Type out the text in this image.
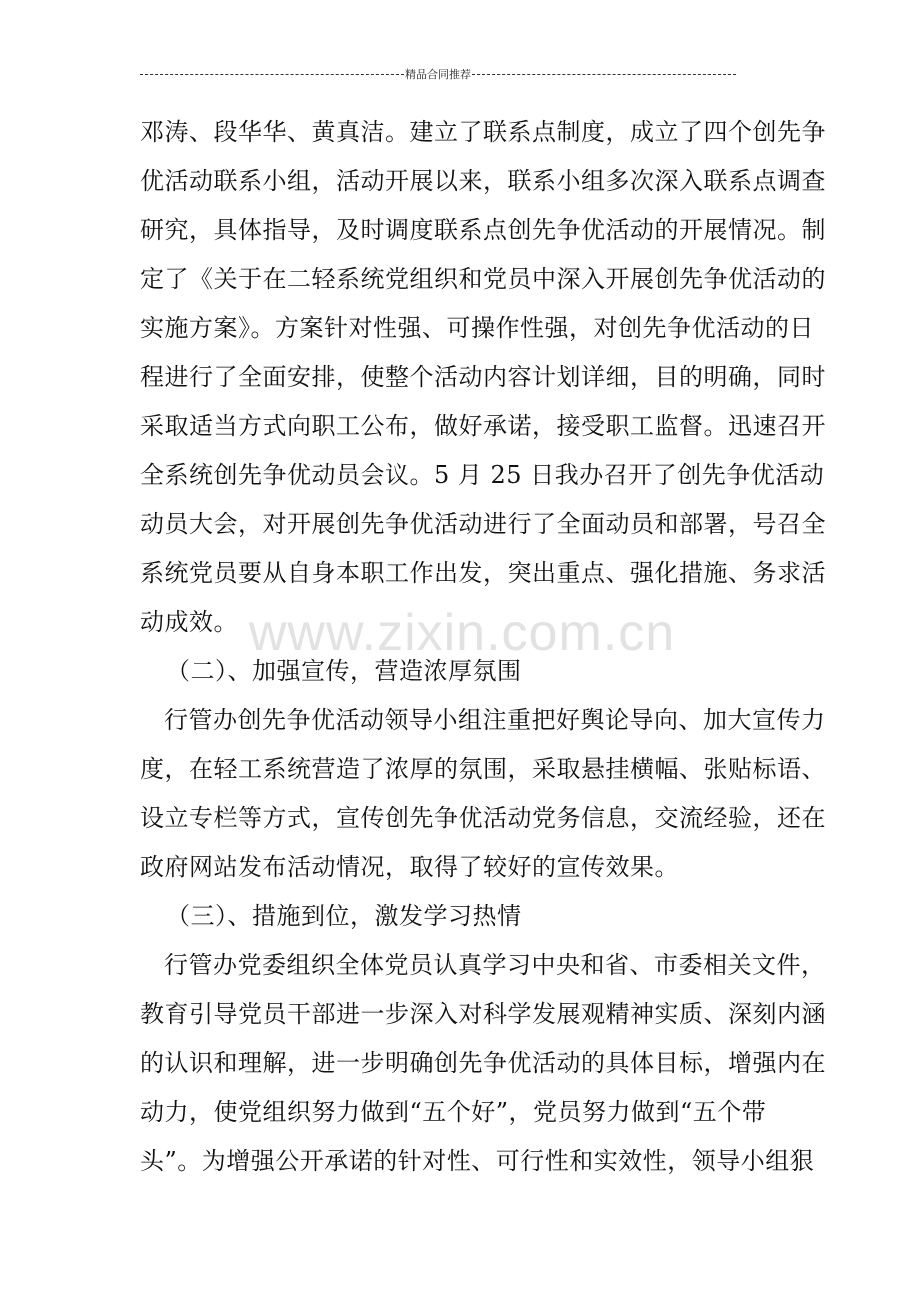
精品合同推荐
www.zixin.com.cn
邓涛、段华华、黄真洁。建立了联系点制度，成立了四个创先争
优活动联系小组，活动开展以来，联系小组多次深入联系点调查
研究，具体指导，及时调度联系点创先争优活动的开展情况。制
定了《关于在二轻系统党组织和党员中深入开展创先争优活动的
实施方案》。方案针对性强、可操作性强，对创先争优活动的日
程进行了全面安排，使整个活动内容计划详细，目的明确，同时
采取适当方式向职工公布，做好承诺，接受职工监督。迅速召开
全系统创先争优动员会议。5 月 25 日我办召开了创先争优活动
动员大会，对开展创先争优活动进行了全面动员和部署，号召全
系统党员要从自身本职工作出发，突出重点、强化措施、务求活
动成效。
（二）、加强宣传，营造浓厚氛围
行管办创先争优活动领导小组注重把好舆论导向、加大宣传力
度，在轻工系统营造了浓厚的氛围，采取悬挂横幅、张贴标语、
设立专栏等方式，宣传创先争优活动党务信息，交流经验，还在
政府网站发布活动情况，取得了较好的宣传效果。
（三）、措施到位，激发学习热情
行管办党委组织全体党员认真学习中央和省、市委相关文件，
教育引导党员干部进一步深入对科学发展观精神实质、深刻内涵
的认识和理解，进一步明确创先争优活动的具体目标，增强内在
动力，使党组织努力做到“五个好”，党员努力做到“五个带
头”。为增强公开承诺的针对性、可行性和实效性，领导小组狠
